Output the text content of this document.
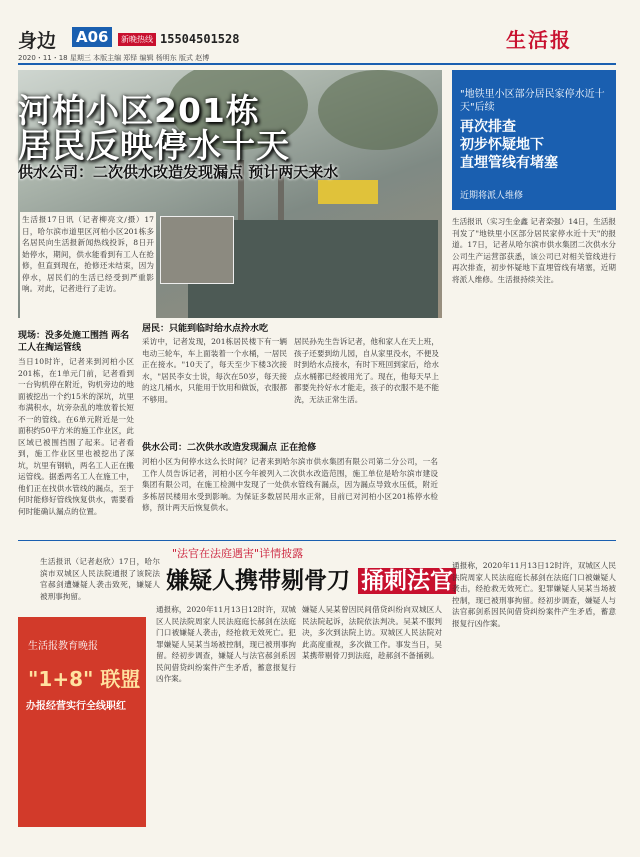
身边 A06	新晚热线 15504501528
2020・11・18 星期三 本版主编 郑铎 编辑 杨明东 版式 赵博
生活报
河柏小区201栋
居民反映停水十天
供水公司：二次供水改造发现漏点 预计两天来水
生活报17日讯（记者柳亮文/摄）17日，哈尔滨市道里区河柏小区201栋多名居民向生活报新闻热线投诉，8日开始停水，期间，供水能看到有工人在抢修，但直到现在，抢修还未结束，因为停水，居民们的生活已经受到严重影响。对此，记者进行了走访。
现场：没多处施工围挡 两名工人在掏运管线
当日10时许，记者来到河柏小区201栋，在1单元门前，记者看到一台钩机停在附近，钩机旁边的地面被挖出一个约15米的深坑，坑里布满积水，坑旁杂乱的堆放着长短不一的管线。在6单元附近是一处面积约50平方米的施工作业区，此区域已被围挡围了起来。记者看到，施工作业区里也被挖出了深坑，坑里有钢轨，两名工人正在搬运管线。据悉两名工人在施工中，他们正在找供水管线的漏点，至于何时能修好管线恢复供水，需要看何时能确认漏点的位置。
居民：只能到临时给水点拎水吃
采访中，记者发现，201栋居民楼下有一辆电动三轮车，车上面装着一个水桶，一居民正在接水。"10天了，每天至少下楼3次接水，"居民李女士说，每次在50岁，每天接的这几桶水，只能用于饮用和做饭，衣服都不够用。
居民孙先生告诉记者，他和家人在天上班，孩子还要到幼儿园，自从家里没水，不便及时到给水点接水，有时下班回到家后，给水点水桶都已经被用光了。现在，他每天早上都要先拎好水才能走，孩子的衣服不是不能洗，无法正常生活。
供水公司：二次供水改造发现漏点 正在抢修
河柏小区为何停水这么长时间？记者来到哈尔滨市供水集团有限公司第二分公司，一名工作人员告诉记者，河柏小区今年被列入二次供水改造范围，施工单位是哈尔滨市建设集团有限公司，在施工检测中发现了一处供水管线有漏点，因为漏点导致水压低，附近多栋居民楼用水受到影响。为保证多数居民用水正常，目前已对河柏小区201栋停水检修，预计两天后恢复供水。
"地铁里小区部分居民家停水近十天"后续
再次排查
初步怀疑地下
直埋管线有堵塞
近期将派人维修
生活报讯（实习生金鑫 记者栾强）14日，生活报刊发了"地铁里小区部分居民家停水近十天"的报道。17日，记者从哈尔滨市供水集团二次供水分公司生产运营部获悉，该公司已对相关管线进行再次排查，初步怀疑地下直埋管线有堵塞，近期将派人维修。生活报持续关注。
生活报讯（记者赵欣）17日，哈尔滨市双城区人民法院通报了该院法官郝剑遭嫌疑人袭击致死，嫌疑人被刑事拘留。
"法官在法庭遇害"详情披露
嫌疑人携带剔骨刀 捅刺法官
通报称，2020年11月13日12时许，双城区人民法院周家人民法庭庭长郝剑在法庭门口被嫌疑人袭击，经抢救无效死亡。犯罪嫌疑人吴某当场被控制，现已被刑事拘留。经初步调查，嫌疑人与法官郝剑系因民间借贷纠纷案件产生矛盾，蓄意报复行凶作案。
嫌疑人吴某曾因民间借贷纠纷向双城区人民法院起诉，法院依法判决。吴某不服判决，多次到法院上访。双城区人民法院对此高度重视，多次做工作。事发当日，吴某携带剔骨刀到法庭，趁郝剑不备捅刺。
通报称，2020年11月13日12时许，双城区人民法院周家人民法庭庭长郝剑在法庭门口被嫌疑人袭击，经抢救无效死亡。犯罪嫌疑人吴某当场被控制，现已被刑事拘留。经初步调查，嫌疑人与法官郝剑系因民间借贷纠纷案件产生矛盾，蓄意报复行凶作案。
生活报教育晚报
"1+8" 联盟
办报经营实行全线职红
